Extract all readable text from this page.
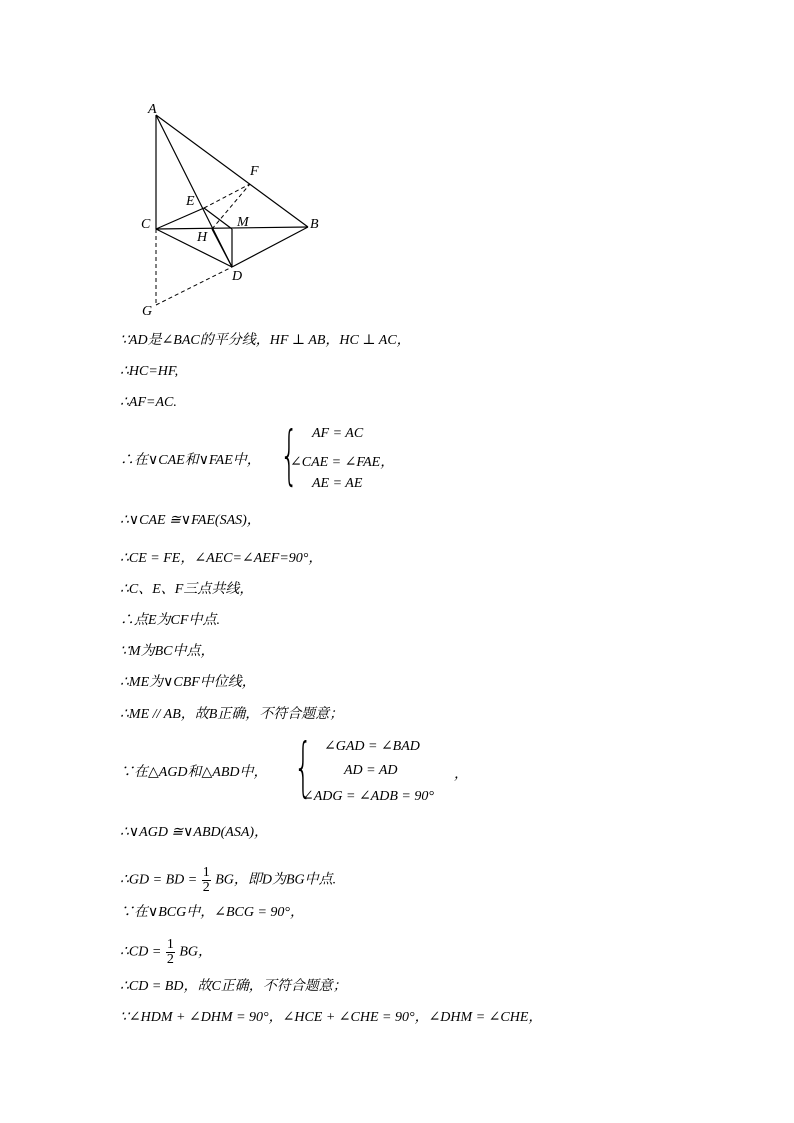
A
F
E
C	M	B
H
D
G
∵AD是∠BAC的平分线，HF ⊥ AB，HC ⊥ AC，
∴HC=HF,
∴AF=AC.
∴在∨CAE和∨FAE中， { AF = AC
∠CAE = ∠FAE，
AE = AE
∴∨CAE ≅∨FAE(SAS)，
∴CE = FE，∠AEC=∠AEF=90°，
∴C、E、F三点共线，
∴点E为CF中点.
∵M为BC中点，
∴ME为∨CBF中位线，
∴ME // AB，故B正确，不符合题意；
∵在△AGD和△ABD中， { ∠GAD = ∠BAD
AD = AD
∠ADG = ∠ADB = 90°
，
∴∨AGD ≅∨ABD(ASA)，
∴GD = BD = $\frac{1}{2}$ BG，即D为BG中点.
∵在∨BCG中，∠BCG = 90°，
∴CD = $\frac{1}{2}$ BG，
∴CD = BD，故C正确，不符合题意；
∵∠HDM + ∠DHM = 90°，∠HCE + ∠CHE = 90°，∠DHM = ∠CHE，
